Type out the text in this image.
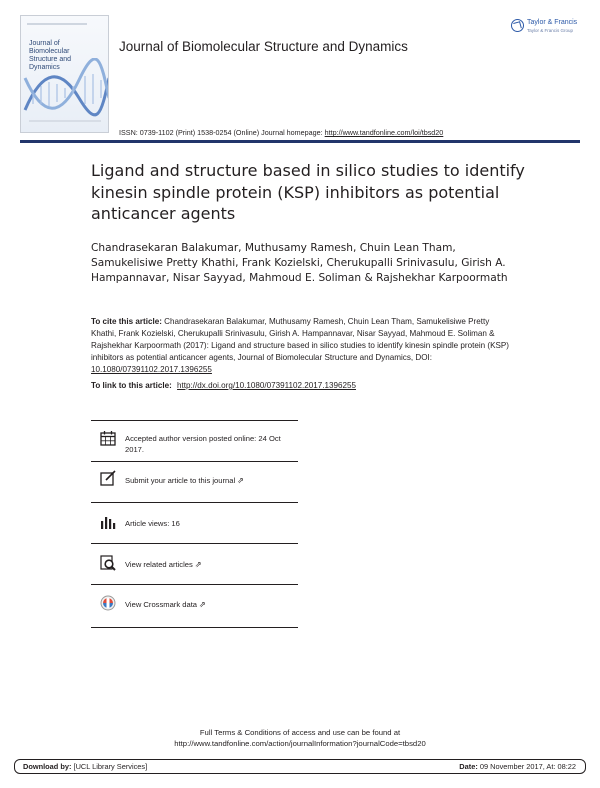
Journal of Biomolecular
Structure and Dynamics
Journal of Biomolecular Structure and Dynamics
Taylor & Francis
Taylor & Francis Group
ISSN: 0739-1102 (Print) 1538-0254 (Online) Journal homepage: http://www.tandfonline.com/loi/tbsd20
Ligand and structure based in silico studies to identify kinesin spindle protein (KSP) inhibitors as potential anticancer agents
Chandrasekaran Balakumar, Muthusamy Ramesh, Chuin Lean Tham, Samukelisiwe Pretty Khathi, Frank Kozielski, Cherukupalli Srinivasulu, Girish A. Hampannavar, Nisar Sayyad, Mahmoud E. Soliman & Rajshekhar Karpoormath
To cite this article: Chandrasekaran Balakumar, Muthusamy Ramesh, Chuin Lean Tham, Samukelisiwe Pretty Khathi, Frank Kozielski, Cherukupalli Srinivasulu, Girish A. Hampannavar, Nisar Sayyad, Mahmoud E. Soliman & Rajshekhar Karpoormath (2017): Ligand and structure based in silico studies to identify kinesin spindle protein (KSP) inhibitors as potential anticancer agents, Journal of Biomolecular Structure and Dynamics, DOI: 10.1080/07391102.2017.1396255
To link to this article: http://dx.doi.org/10.1080/07391102.2017.1396255
Accepted author version posted online: 24 Oct 2017.
Submit your article to this journal ⇗
Article views: 16
View related articles ⇗
View Crossmark data ⇗
Full Terms & Conditions of access and use can be found at
http://www.tandfonline.com/action/journalInformation?journalCode=tbsd20
Download by: [UCL Library Services]	Date: 09 November 2017, At: 08:22
